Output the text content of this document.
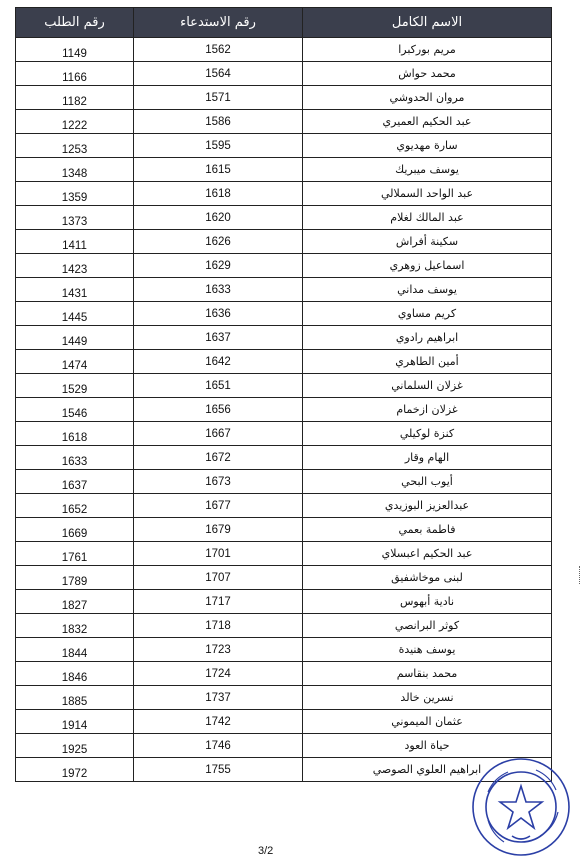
الاسم الكامل	رقم الاستدعاء	رقم الطلب
مريم بوركبرا	1562	1149
محمد حواش	1564	1166
مروان الحدوشي	1571	1182
عبد الحكيم العميري	1586	1222
سارة مهديوي	1595	1253
يوسف ميبريك	1615	1348
عبد الواحد السملالي	1618	1359
عبد المالك لغلام	1620	1373
سكينة أفراش	1626	1411
اسماعيل زوهري	1629	1423
يوسف مداني	1633	1431
كريم مساوي	1636	1445
ابراهيم رادوي	1637	1449
أمين الطاهري	1642	1474
غزلان السلماني	1651	1529
غزلان ازخمام	1656	1546
كنزة لوكيلي	1667	1618
الهام وقار	1672	1633
أيوب البحي	1673	1637
عبدالعزيز البوزيدي	1677	1652
فاطمة بعمي	1679	1669
عبد الحكيم اعبسلاي	1701	1761
لبنى موخاشفيق	1707	1789
نادية أبهوس	1717	1827
كوثر البرانصي	1718	1832
يوسف هنيدة	1723	1844
محمد بنقاسم	1724	1846
نسرين خالد	1737	1885
عثمان الميموني	1742	1914
حياة العود	1746	1925
ابراهيم العلوي الصوصي	1755	1972
3/2
